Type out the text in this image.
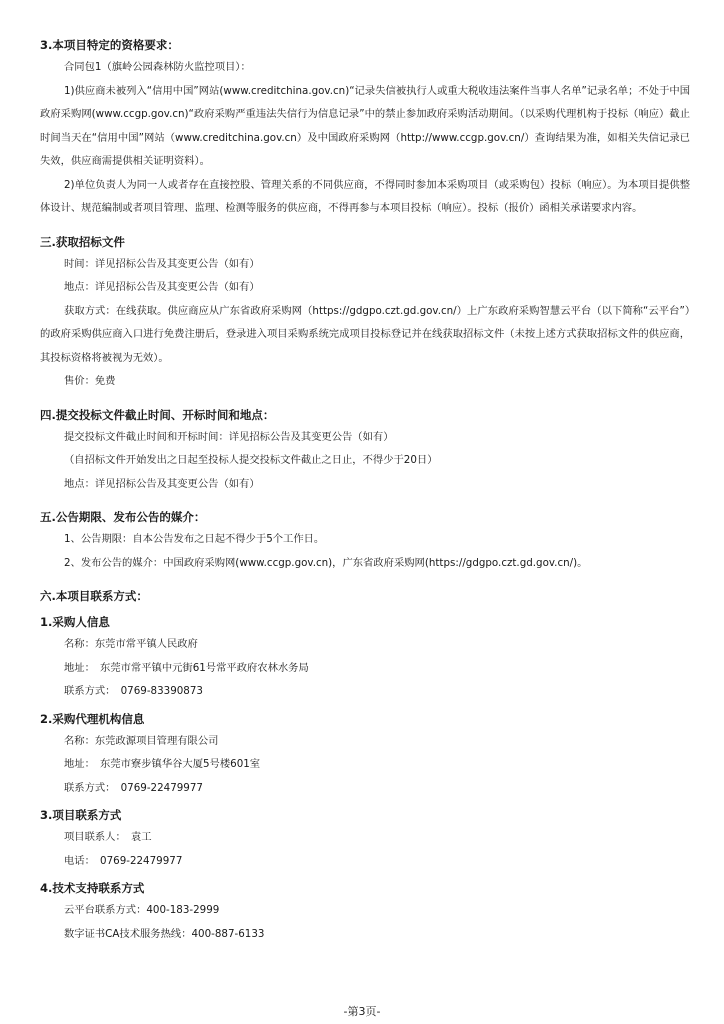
3.本项目特定的资格要求：
合同包1（旗岭公园森林防火监控项目）：

1)供应商未被列入“信用中国”网站(www.creditchina.gov.cn)“记录失信被执行人或重大税收违法案件当事人名单”记录名单；不处于中国政府采购网(www.ccgp.gov.cn)“政府采购严重违法失信行为信息记录”中的禁止参加政府采购活动期间。（以采购代理机构于投标（响应）截止时间当天在“信用中国”网站（www.creditchina.gov.cn）及中国政府采购网（http://www.ccgp.gov.cn/）查询结果为准，如相关失信记录已失效，供应商需提供相关证明资料）。

2)单位负责人为同一人或者存在直接控股、管理关系的不同供应商，不得同时参加本采购项目（或采购包）投标（响应）。为本项目提供整体设计、规范编制或者项目管理、监理、检测等服务的供应商，不得再参与本项目投标（响应）。投标（报价）函相关承诺要求内容。

三.获取招标文件
时间：详见招标公告及其变更公告（如有）
地点：详见招标公告及其变更公告（如有）

获取方式：在线获取。供应商应从广东省政府采购网（https://gdgpo.czt.gd.gov.cn/）上广东政府采购智慧云平台（以下简称“云平台”）的政府采购供应商入口进行免费注册后，登录进入项目采购系统完成项目投标登记并在线获取招标文件（未按上述方式获取招标文件的供应商，其投标资格将被视为无效）。

售价：免费
四.提交投标文件截止时间、开标时间和地点：
提交投标文件截止时间和开标时间：详见招标公告及其变更公告（如有）
（自招标文件开始发出之日起至投标人提交投标文件截止之日止，不得少于20日）
地点：详见招标公告及其变更公告（如有）
五.公告期限、发布公告的媒介：
1、公告期限：自本公告发布之日起不得少于5个工作日。
2、发布公告的媒介：中国政府采购网(www.ccgp.gov.cn)，广东省政府采购网(https://gdgpo.czt.gd.gov.cn/)。
六.本项目联系方式：
1.采购人信息
名称：东莞市常平镇人民政府
地址：　东莞市常平镇中元街61号常平政府农林水务局
联系方式：　0769-83390873
2.采购代理机构信息
名称：东莞政源项目管理有限公司
地址：　东莞市寮步镇华谷大厦5号楼601室
联系方式：　0769-22479977
3.项目联系方式
项目联系人：　袁工
电话：　0769-22479977
4.技术支持联系方式
云平台联系方式：400-183-2999
数字证书CA技术服务热线：400-887-6133
-第3页-
